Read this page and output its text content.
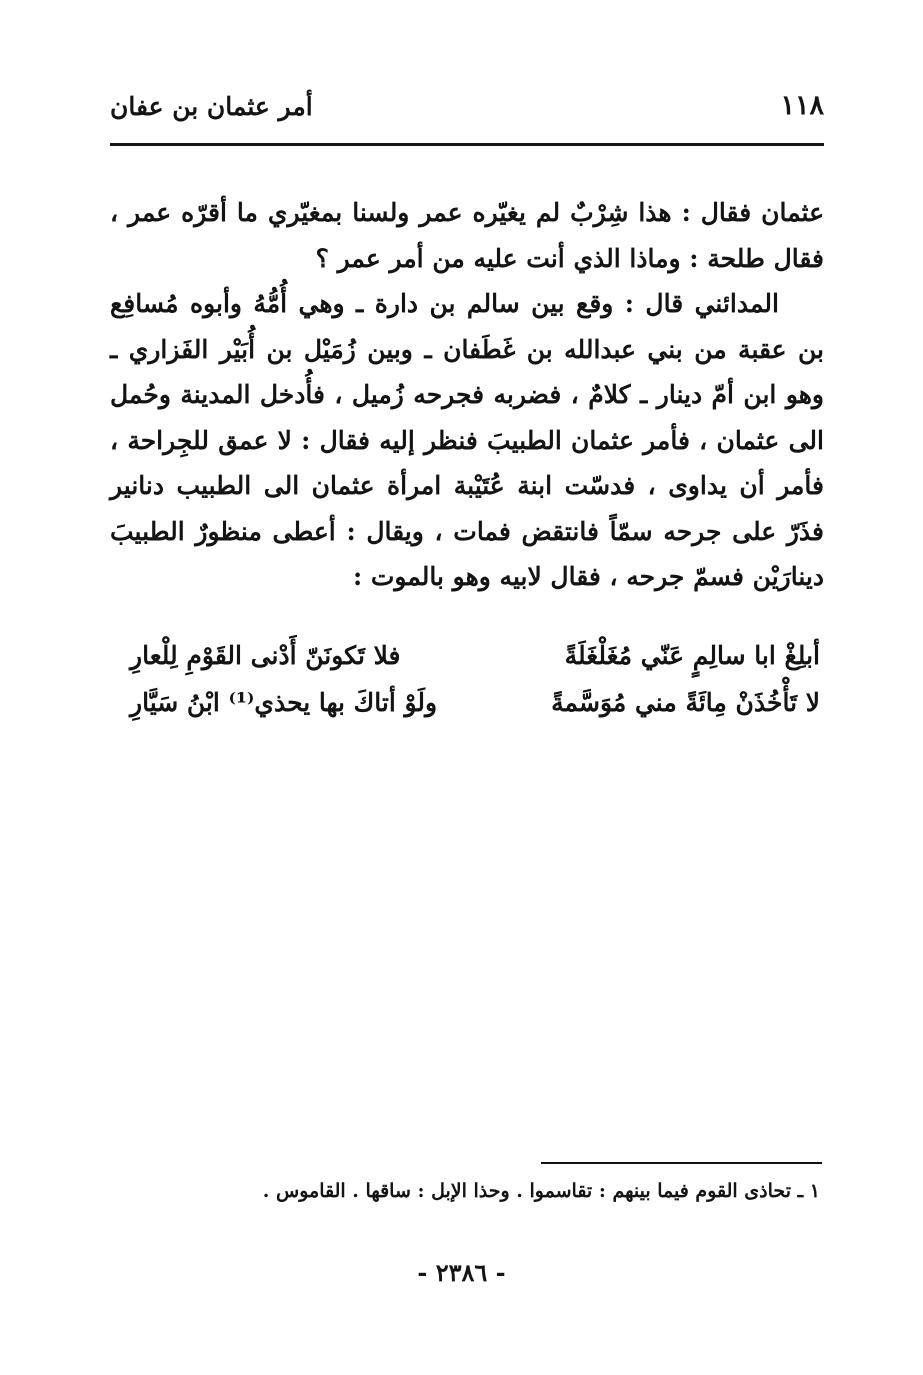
١١٨
أمر عثمان بن عفان

عثمان فقال : هذا شِرْبٌ لم يغيّره عمر ولسنا بمغيّري ما أقرّه عمر ، فقال طلحة : وماذا الذي أنت عليه من أمر عمر ؟

المدائني قال : وقع بين سالم بن دارة ـ وهي أُمُّهُ وأبوه مُسافِع بن عقبة من بني عبدالله بن غَطَفان ـ وبين زُمَيْل بن أُبَيْر الفَزاري ـ وهو ابن أمّ دينار ـ كلامٌ ، فضربه فجرحه زُميل ، فأُدخل المدينة وحُمل الى عثمان ، فأمر عثمان الطبيبَ فنظر إليه فقال : لا عمق للجِراحة ، فأمر أن يداوى ، فدسّت ابنة عُتَيْبة امرأة عثمان الى الطبيب دنانير فذَرّ على جرحه سمّاً فانتقض فمات ، ويقال : أعطى منظورٌ الطبيبَ دينارَيْن فسمّ جرحه ، فقال لابيه وهو بالموت :

أبلِغْ ابا سالِمٍ عَنّي مُغَلْغَلَةً
فلا تَكونَنّ أَدْنى القَوْمِ لِلْعارِ
لا تَأْخُذَنْ مِائَةً مني مُوَسَّمةً
ولَوْ أتاكَ بها يحذي⁽¹⁾ ابْنُ سَيَّارِ
١ ـ تحاذى القوم فيما بينهم : تقاسموا . وحذا الإبل : ساقها . القاموس .
- ٢٣٨٦ -
